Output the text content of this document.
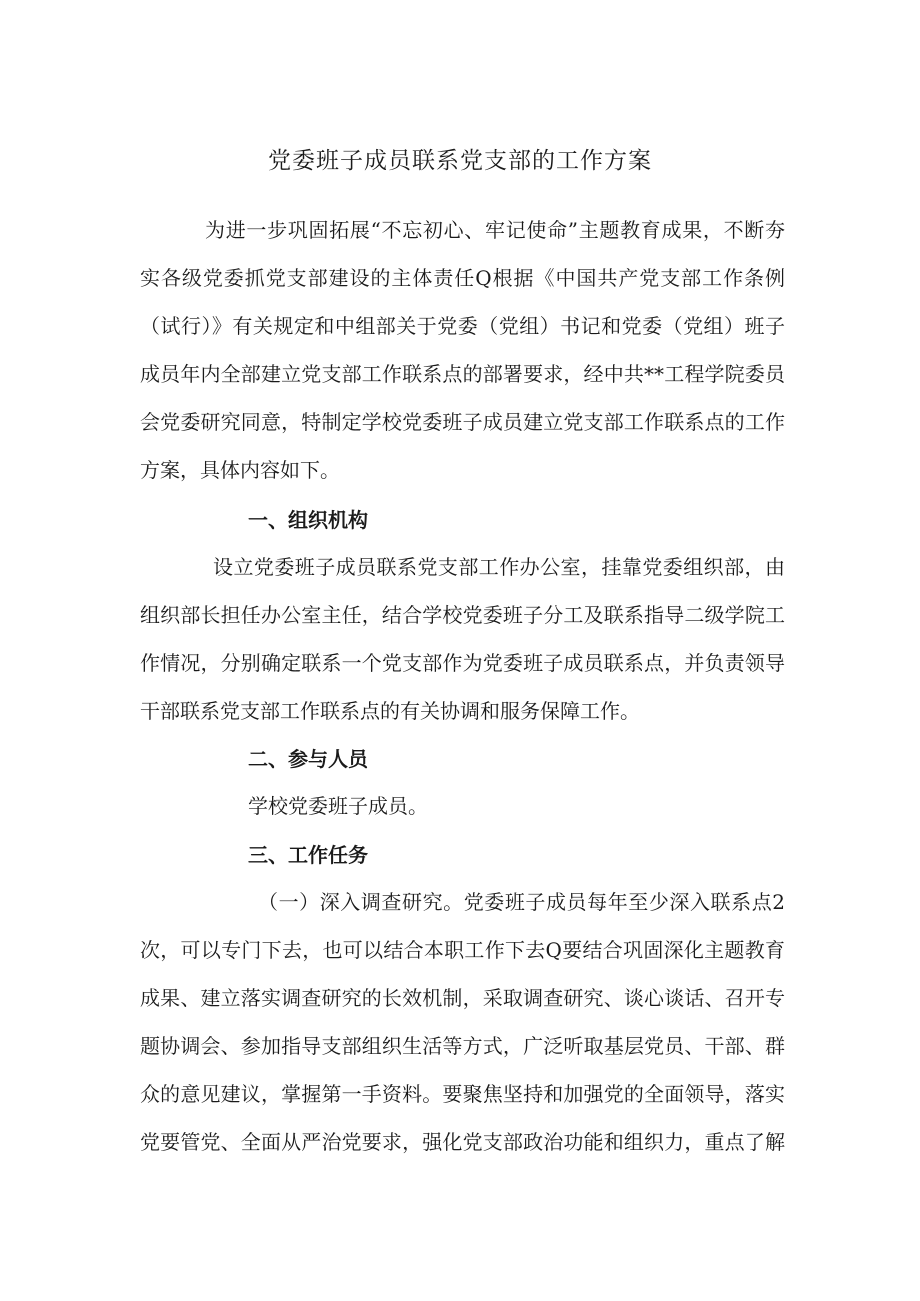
党委班子成员联系党支部的工作方案

为进一步巩固拓展“不忘初心、牢记使命”主题教育成果，不断夯

实各级党委抓党支部建设的主体责任Q根据《中国共产党支部工作条例

（试行）》有关规定和中组部关于党委（党组）书记和党委（党组）班子

成员年内全部建立党支部工作联系点的部署要求，经中共**工程学院委员

会党委研究同意，特制定学校党委班子成员建立党支部工作联系点的工作

方案，具体内容如下。

一、组织机构

设立党委班子成员联系党支部工作办公室，挂靠党委组织部，由

组织部长担任办公室主任，结合学校党委班子分工及联系指导二级学院工

作情况，分别确定联系一个党支部作为党委班子成员联系点，并负责领导

干部联系党支部工作联系点的有关协调和服务保障工作。

二、参与人员

学校党委班子成员。

三、工作任务

（一）深入调查研究。党委班子成员每年至少深入联系点2

次，可以专门下去，也可以结合本职工作下去Q要结合巩固深化主题教育

成果、建立落实调查研究的长效机制，采取调查研究、谈心谈话、召开专

题协调会、参加指导支部组织生活等方式，广泛听取基层党员、干部、群

众的意见建议，掌握第一手资料。要聚焦坚持和加强党的全面领导，落实

党要管党、全面从严治党要求，强化党支部政治功能和组织力，重点了解
